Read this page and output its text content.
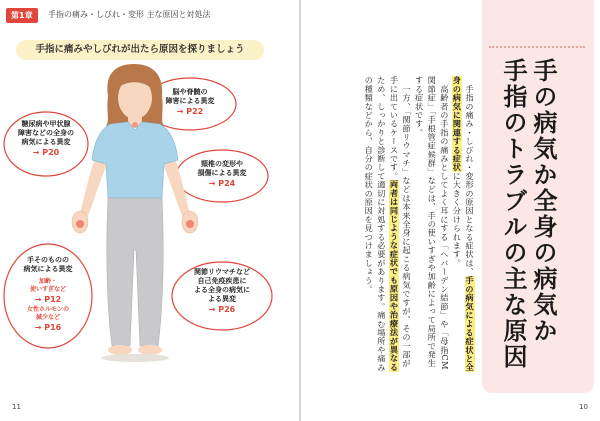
第1章	手指の痛み・しびれ・変形 主な原因と対処法
手指に痛みやしびれが出たら原因を探りましょう
脳や脊髄の
障害による異変
→ P22
糖尿病や甲状腺
障害などの全身の
病気による異変
→ P20
頸椎の変形や
損傷による異変
→ P24
手そのものの
病気による異変
加齢・
使いすぎなど
→ P12
女性ホルモンの
減少など
→ P16
関節リウマチなど
自己免疫疾患に
よる全身の病気に
よる異変
→ P26
11
手の病気か全身の病気か
手指のトラブルの主な原因

　手指の痛み・しびれ・変形の原因となる症状は、手の病気による症状と全身の病気に関連する症状に大きく分けられます。

　高齢者の手指の痛みとしてよく耳にする「ヘバーデン結節」や「母指CM関節症」「手根管症候群」などは、手の使いすぎや加齢によって局所で発生する症状です。

　一方、「関節リウマチ」などは本来全身に起こる病気ですが、その一部が手に出ているケースです。両者は同じような症状でも原因や治療法が異なるため、しっかりと診断して適切に対処する必要があります。痛む場所や痛みの種類などから、自分の症状の原因を見つけましょう。

10
